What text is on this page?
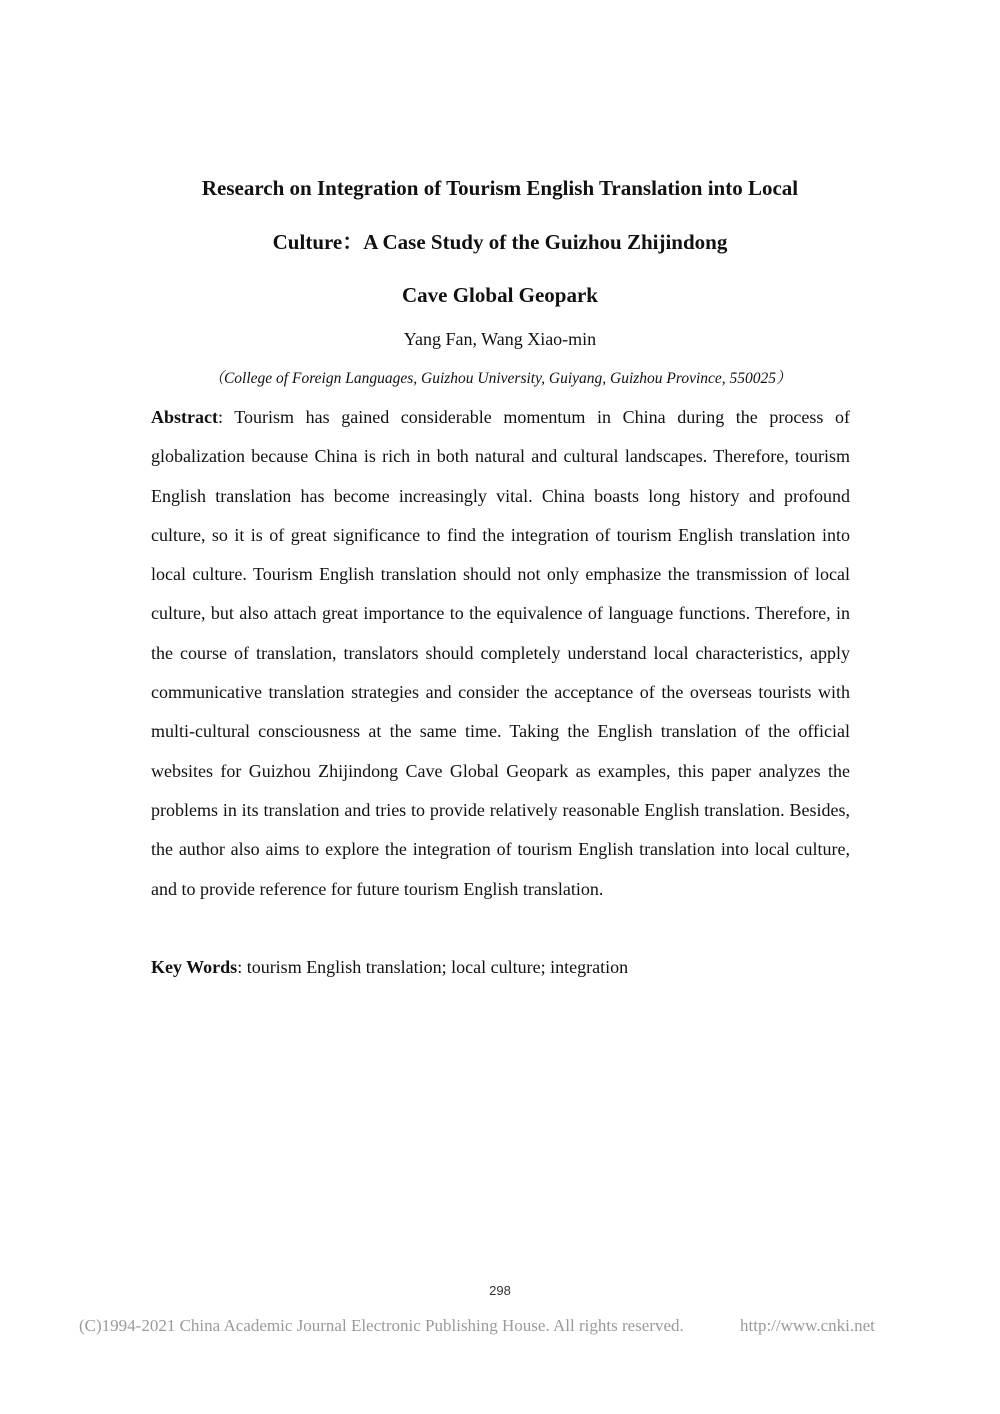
Research on Integration of Tourism English Translation into Local
Culture：A Case Study of the Guizhou Zhijindong
Cave Global Geopark
Yang Fan, Wang Xiao-min
（College of Foreign Languages, Guizhou University, Guiyang, Guizhou Province, 550025）

Abstract: Tourism has gained considerable momentum in China during the process of globalization because China is rich in both natural and cultural landscapes. Therefore, tourism English translation has become increasingly vital. China boasts long history and profound culture, so it is of great significance to find the integration of tourism English translation into local culture. Tourism English translation should not only emphasize the transmission of local culture, but also attach great importance to the equivalence of language functions. Therefore, in the course of translation, translators should completely understand local characteristics, apply communicative translation strategies and consider the acceptance of the overseas tourists with multi-cultural consciousness at the same time. Taking the English translation of the official websites for Guizhou Zhijindong Cave Global Geopark as examples, this paper analyzes the problems in its translation and tries to provide relatively reasonable English translation. Besides, the author also aims to explore the integration of tourism English translation into local culture, and to provide reference for future tourism English translation.

Key Words: tourism English translation; local culture; integration

298
(C)1994-2021 China Academic Journal Electronic Publishing House. All rights reserved.	http://www.cnki.net
